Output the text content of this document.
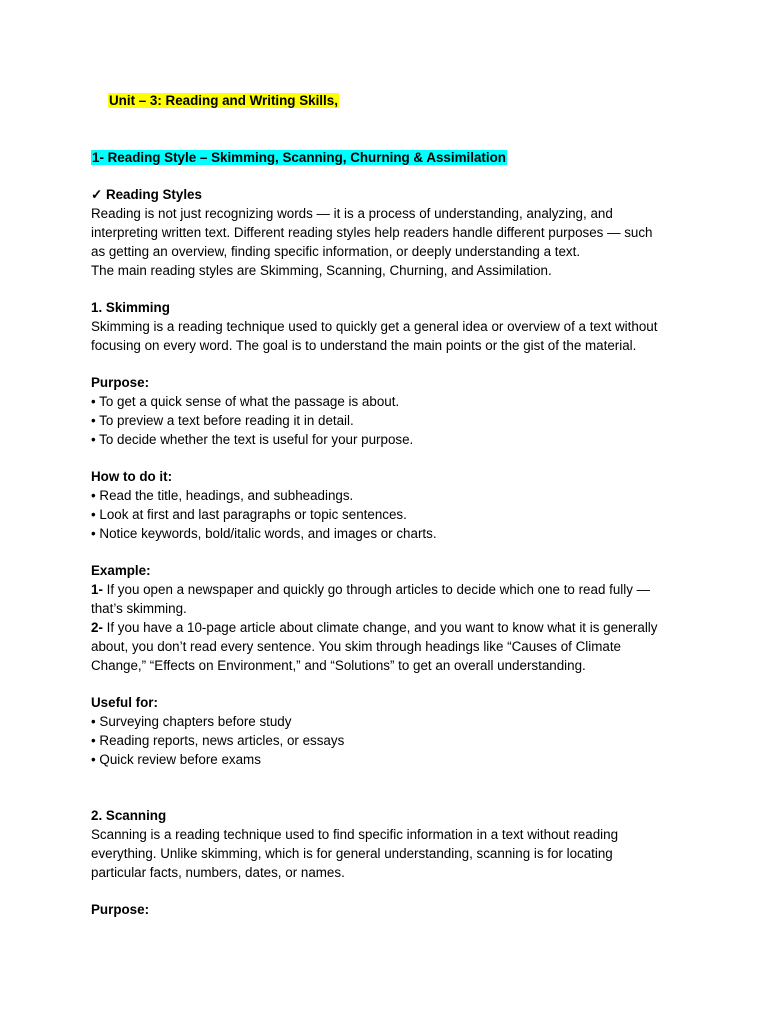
Unit – 3: Reading and Writing Skills,
1- Reading Style – Skimming, Scanning, Churning & Assimilation
✓ Reading Styles
Reading is not just recognizing words — it is a process of understanding, analyzing, and
interpreting written text. Different reading styles help readers handle different purposes — such
as getting an overview, finding specific information, or deeply understanding a text.
The main reading styles are Skimming, Scanning, Churning, and Assimilation.
1. Skimming
Skimming is a reading technique used to quickly get a general idea or overview of a text without
focusing on every word. The goal is to understand the main points or the gist of the material.
Purpose:
• To get a quick sense of what the passage is about.
• To preview a text before reading it in detail.
• To decide whether the text is useful for your purpose.
How to do it:
• Read the title, headings, and subheadings.
• Look at first and last paragraphs or topic sentences.
• Notice keywords, bold/italic words, and images or charts.
Example:
1- If you open a newspaper and quickly go through articles to decide which one to read fully —
that’s skimming.
2- If you have a 10-page article about climate change, and you want to know what it is generally
about, you don’t read every sentence. You skim through headings like “Causes of Climate
Change,” “Effects on Environment,” and “Solutions” to get an overall understanding.
Useful for:
• Surveying chapters before study
• Reading reports, news articles, or essays
• Quick review before exams
2. Scanning
Scanning is a reading technique used to find specific information in a text without reading
everything. Unlike skimming, which is for general understanding, scanning is for locating
particular facts, numbers, dates, or names.
Purpose:
